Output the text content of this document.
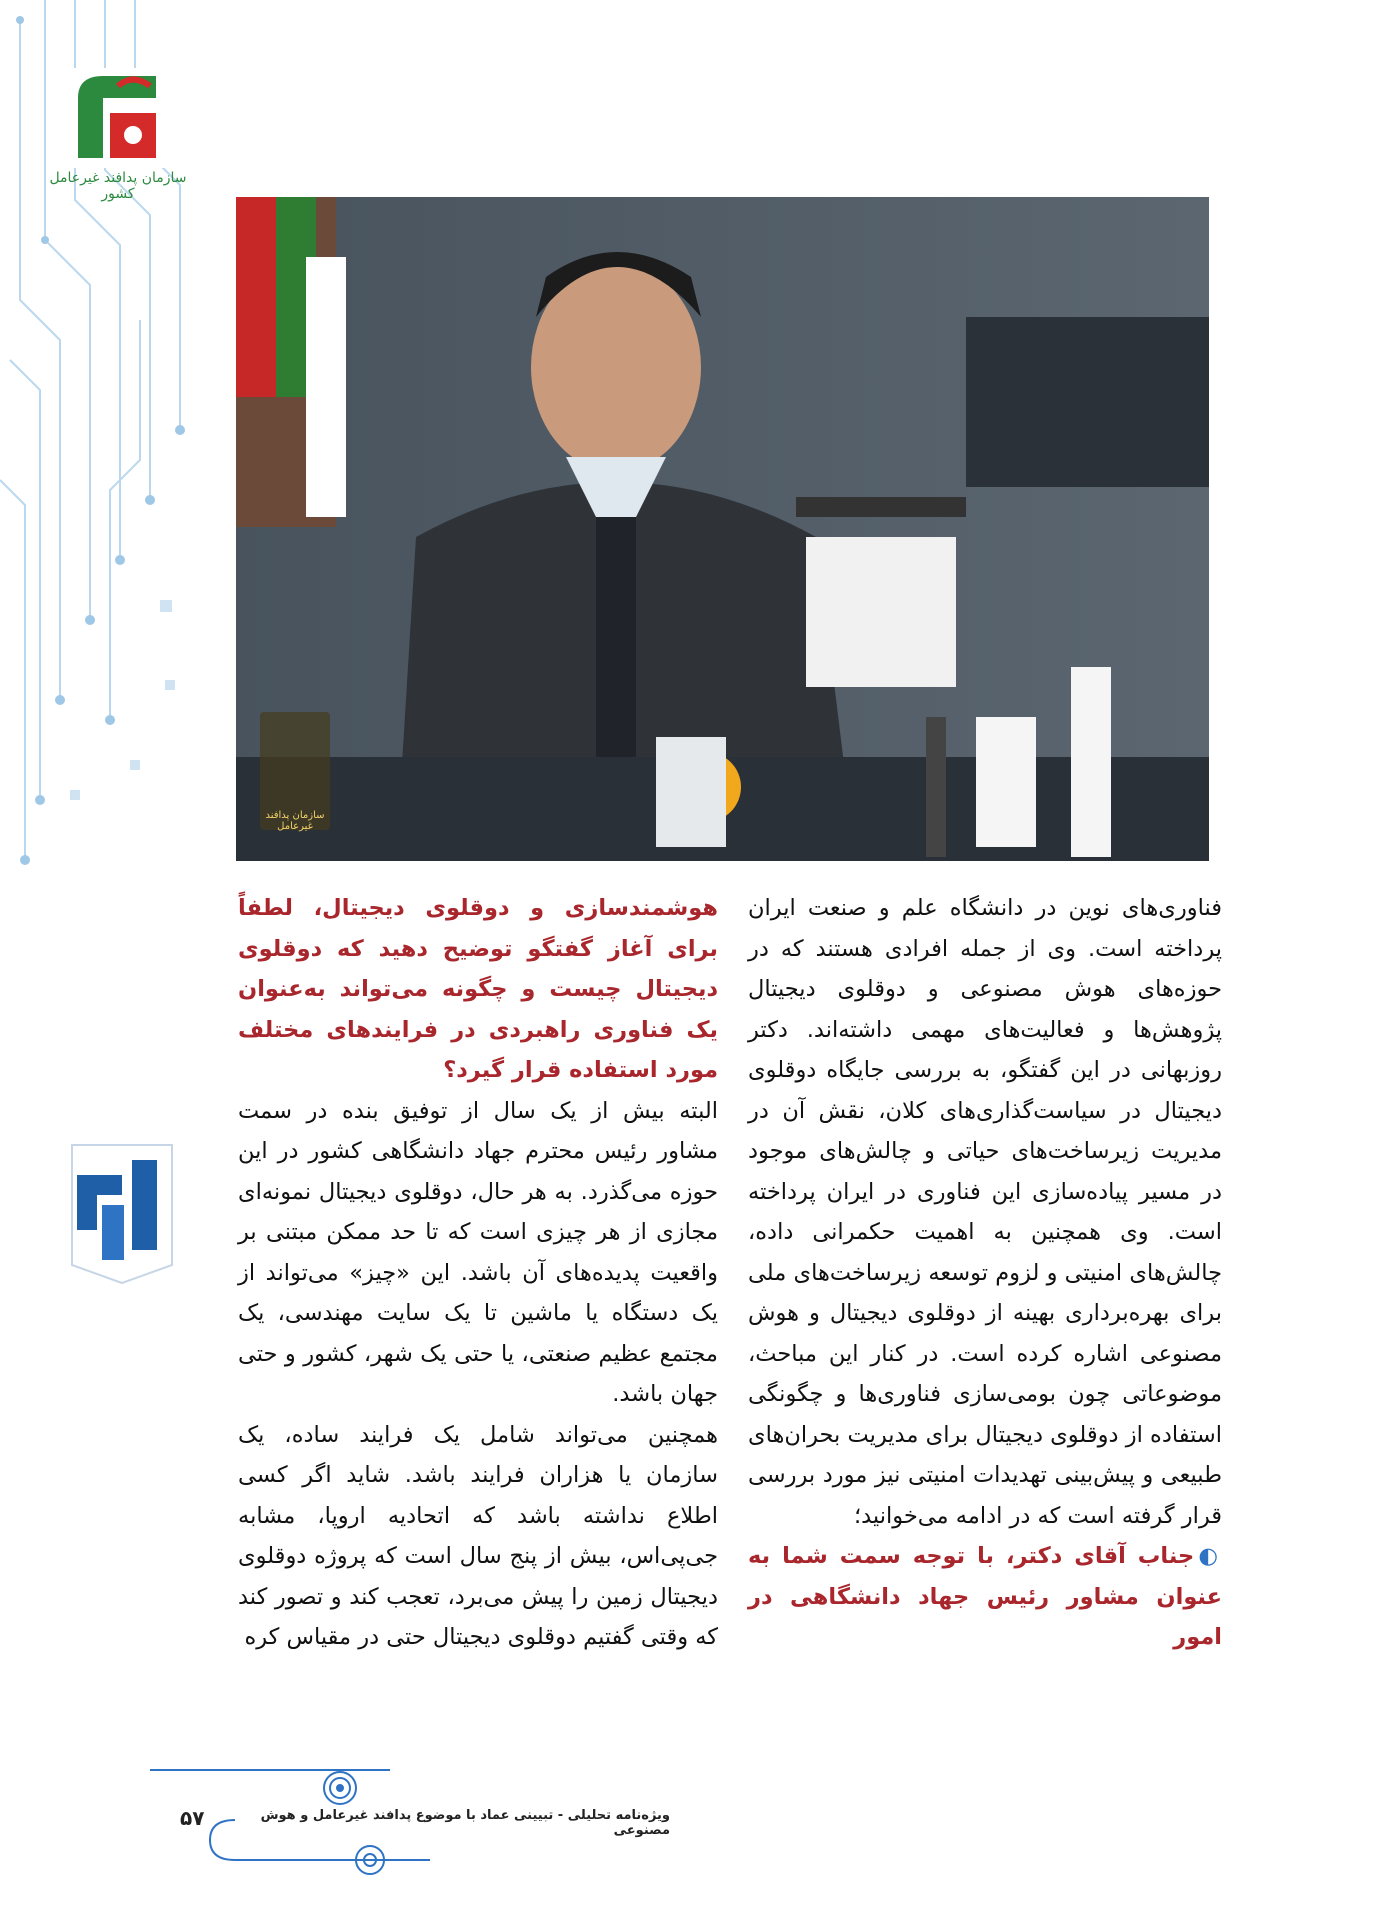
سازمان پدافند غیرعامل کشور
سازمان پدافند غیرعامل

فناوری‌های نوین در دانشگاه علم و صنعت ایران پرداخته است. وی از جمله افرادی هستند که در حوزه‌های هوش مصنوعی و دوقلوی دیجیتال پژوهش‌ها و فعالیت‌های مهمی داشته‌اند. دکتر روزبهانی در این گفتگو، به بررسی جایگاه دوقلوی دیجیتال در سیاست‌گذاری‌های کلان، نقش آن در مدیریت زیرساخت‌های حیاتی و چالش‌های موجود در مسیر پیاده‌سازی این فناوری در ایران پرداخته است. وی همچنین به اهمیت حکمرانی داده، چالش‌های امنیتی و لزوم توسعه زیرساخت‌های ملی برای بهره‌برداری بهینه از دوقلوی دیجیتال و هوش مصنوعی اشاره کرده است. در کنار این مباحث، موضوعاتی چون بومی‌سازی فناوری‌ها و چگونگی استفاده از دوقلوی دیجیتال برای مدیریت بحران‌های طبیعی و پیش‌بینی تهدیدات امنیتی نیز مورد بررسی قرار گرفته است که در ادامه می‌خوانید؛

◐جناب آقای دکتر، با توجه سمت شما به عنوان مشاور رئیس جهاد دانشگاهی در امور

هوشمندسازی و دوقلوی دیجیتال، لطفاً برای آغاز گفتگو توضیح دهید که دوقلوی دیجیتال چیست و چگونه می‌تواند به‌عنوان یک فناوری راهبردی در فرایندهای مختلف مورد استفاده قرار گیرد؟

البته بیش از یک سال از توفیق بنده در سمت مشاور رئیس محترم جهاد دانشگاهی کشور در این حوزه می‌گذرد. به هر حال، دوقلوی دیجیتال نمونه‌ای مجازی از هر چیزی است که تا حد ممکن مبتنی بر واقعیت پدیده‌های آن باشد. این «چیز» می‌تواند از یک دستگاه یا ماشین تا یک سایت مهندسی، یک مجتمع عظیم صنعتی، یا حتی یک شهر، کشور و حتی جهان باشد.

همچنین می‌تواند شامل یک فرایند ساده، یک سازمان یا هزاران فرایند باشد. شاید اگر کسی اطلاع نداشته باشد که اتحادیه اروپا، مشابه جی‌پی‌اس، بیش از پنج سال است که پروژه دوقلوی دیجیتال زمین را پیش می‌برد، تعجب کند و تصور کند که وقتی گفتیم دوقلوی دیجیتال حتی در مقیاس کره

۵۷	ویژه‌نامه تحلیلی - تبیینی عماد با موضوع پدافند غیرعامل و هوش مصنوعی
